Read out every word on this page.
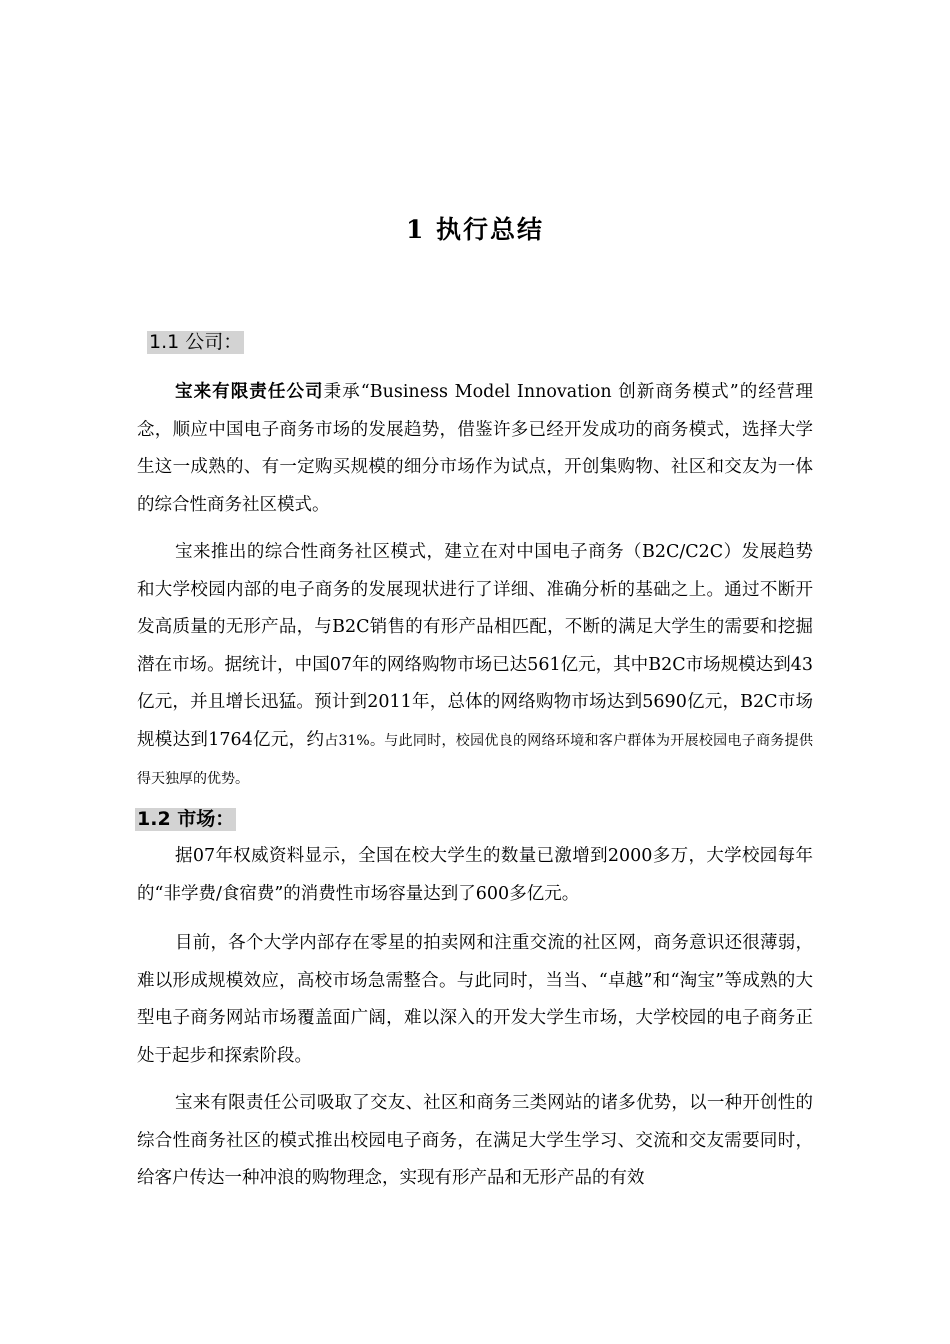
1 执行总结
1.1 公司：

宝来有限责任公司秉承“Business Model Innovation 创新商务模式”的经营理念，顺应中国电子商务市场的发展趋势，借鉴许多已经开发成功的商务模式，选择大学生这一成熟的、有一定购买规模的细分市场作为试点，开创集购物、社区和交友为一体的综合性商务社区模式。

宝来推出的综合性商务社区模式，建立在对中国电子商务（B2C/C2C）发展趋势和大学校园内部的电子商务的发展现状进行了详细、准确分析的基础之上。通过不断开发高质量的无形产品，与B2C销售的有形产品相匹配，不断的满足大学生的需要和挖掘潜在市场。据统计，中国07年的网络购物市场已达561亿元，其中B2C市场规模达到43亿元，并且增长迅猛。预计到2011年，总体的网络购物市场达到5690亿元，B2C市场规模达到1764亿元，约占31%。与此同时，校园优良的网络环境和客户群体为开展校园电子商务提供得天独厚的优势。

1.2 市场：

据07年权威资料显示，全国在校大学生的数量已激增到2000多万，大学校园每年的“非学费/食宿费”的消费性市场容量达到了600多亿元。

目前，各个大学内部存在零星的拍卖网和注重交流的社区网，商务意识还很薄弱，难以形成规模效应，高校市场急需整合。与此同时，当当、“卓越”和“淘宝”等成熟的大型电子商务网站市场覆盖面广阔，难以深入的开发大学生市场，大学校园的电子商务正处于起步和探索阶段。

宝来有限责任公司吸取了交友、社区和商务三类网站的诸多优势，以一种开创性的综合性商务社区的模式推出校园电子商务，在满足大学生学习、交流和交友需要同时，给客户传达一种冲浪的购物理念，实现有形产品和无形产品的有效
